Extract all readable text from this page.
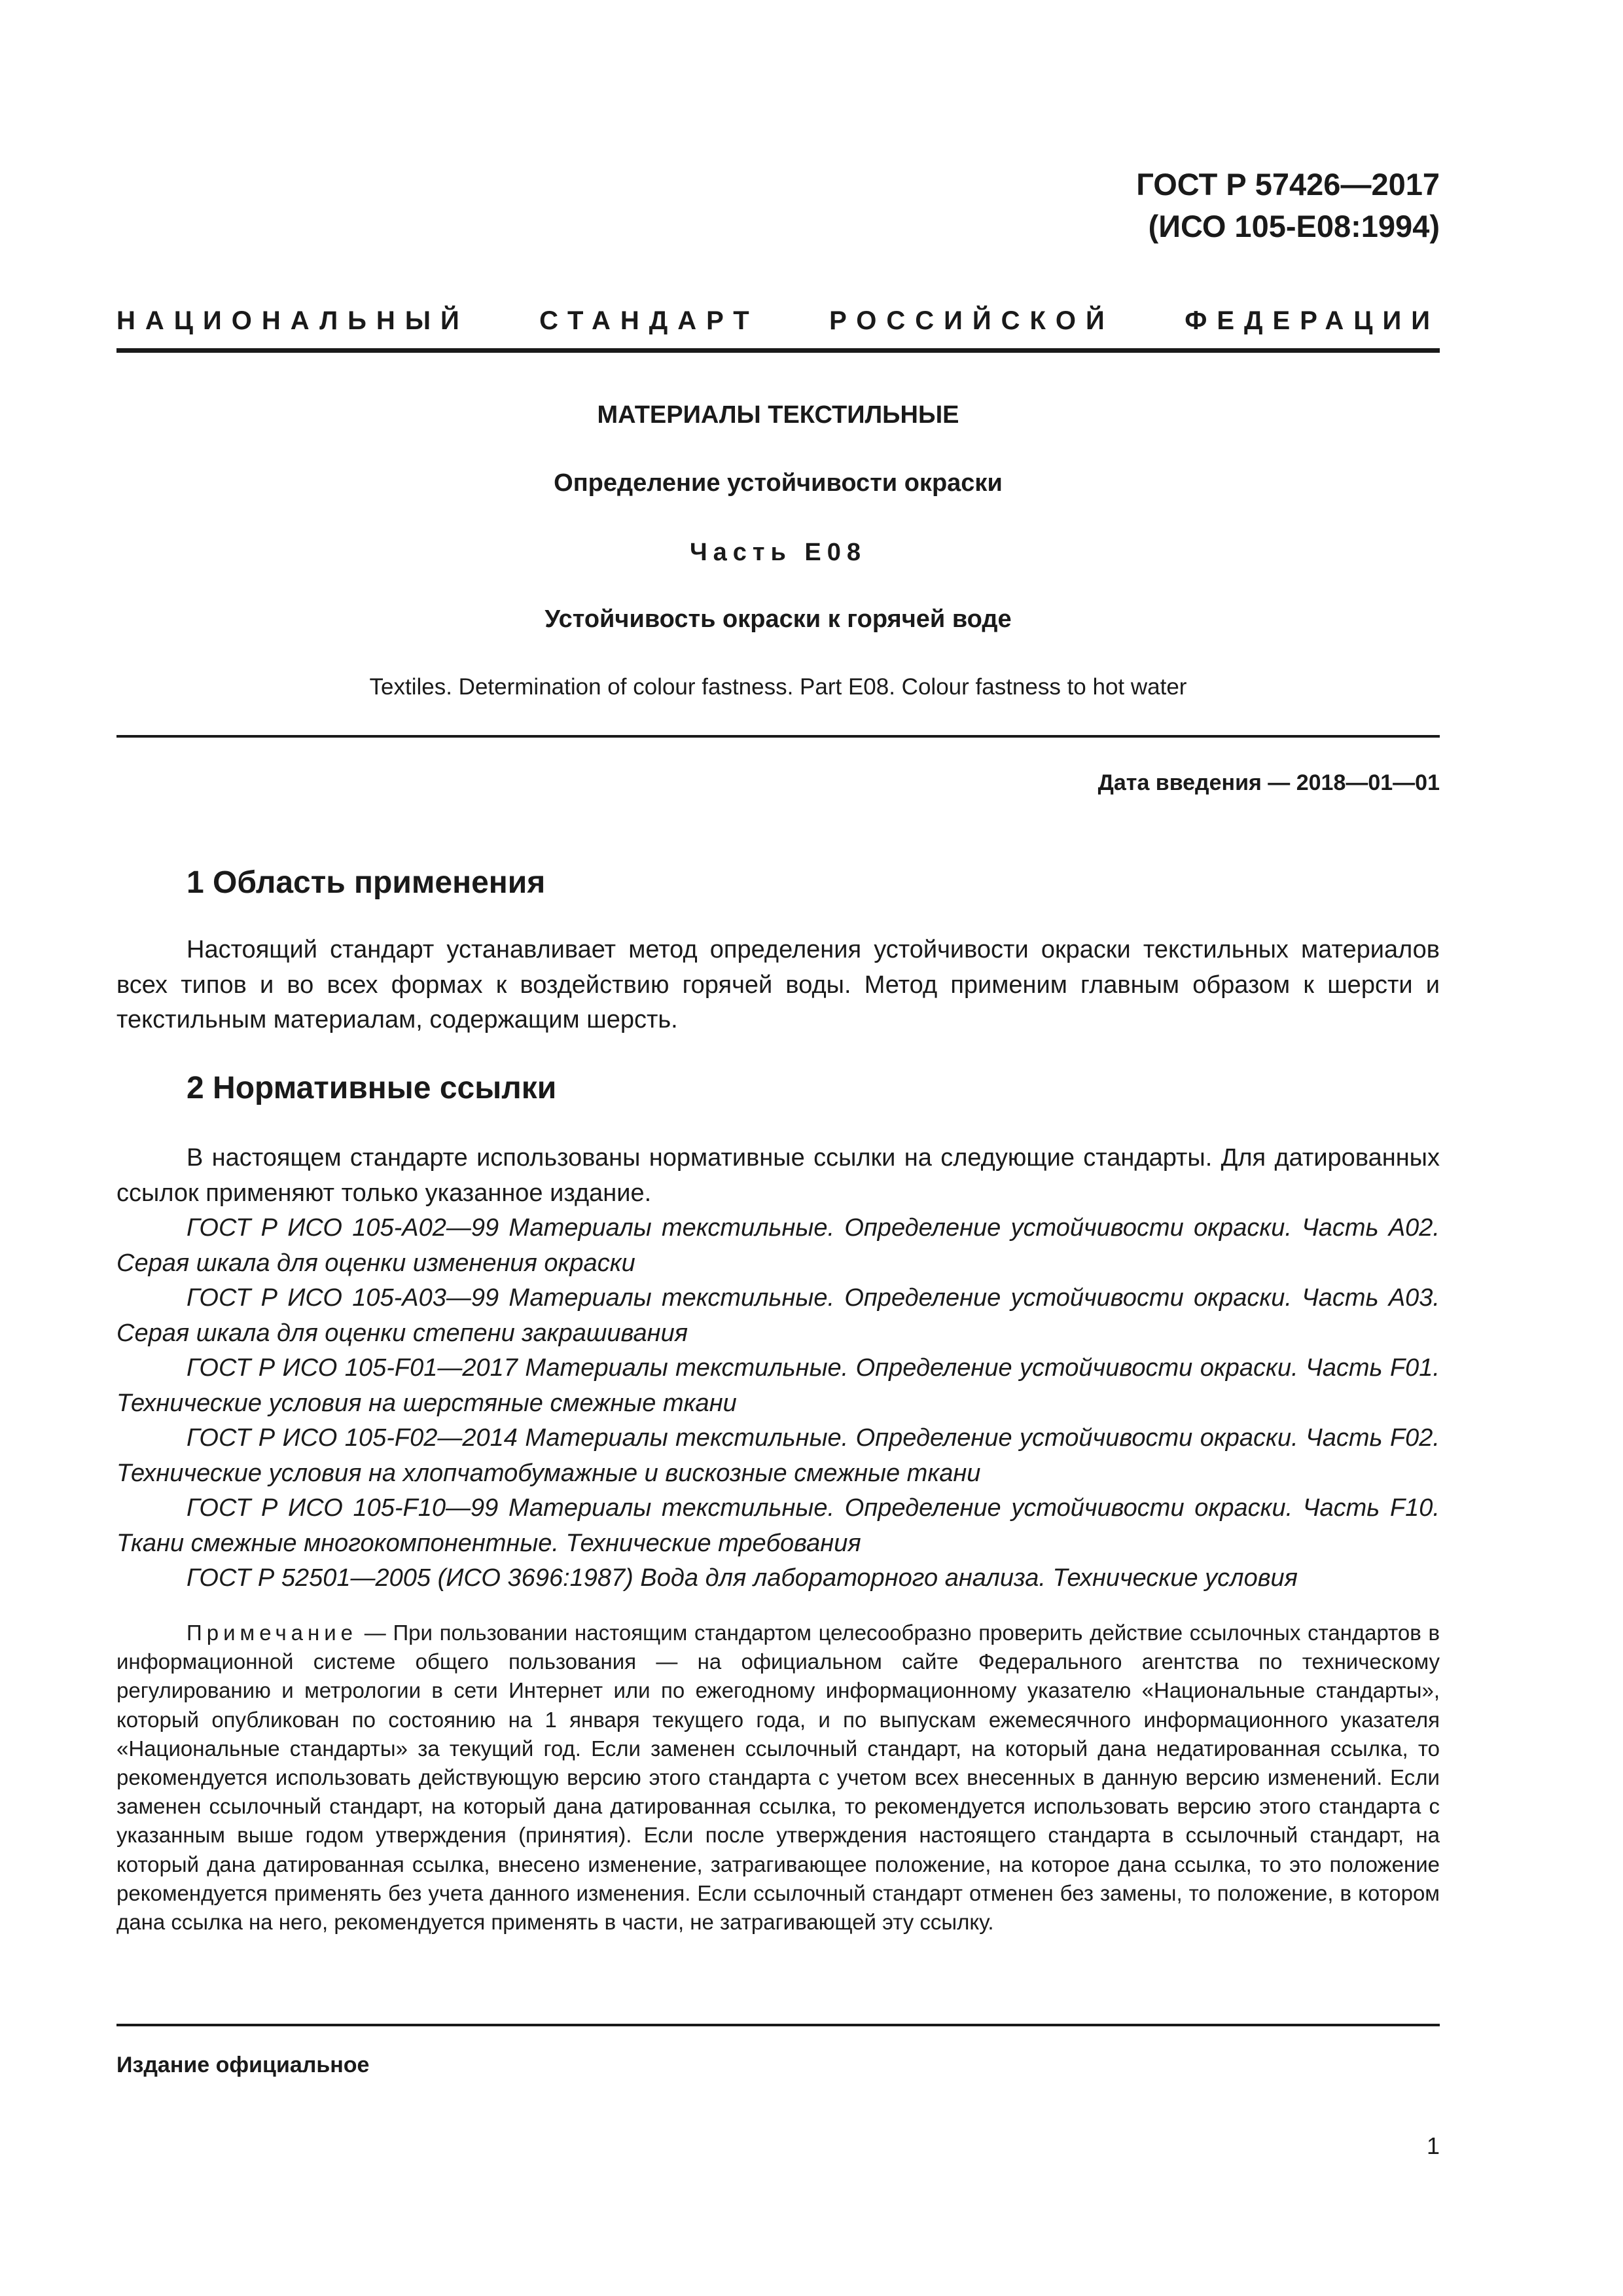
ГОСТ Р 57426—2017
(ИСО 105-Е08:1994)
НАЦИОНАЛЬНЫЙ	СТАНДАРТ	РОССИЙСКОЙ	ФЕДЕРАЦИИ
МАТЕРИАЛЫ ТЕКСТИЛЬНЫЕ
Определение устойчивости окраски
Часть Е08
Устойчивость окраски к горячей воде
Textiles. Determination of colour fastness. Part E08. Colour fastness to hot water
Дата введения — 2018—01—01
1 Область применения

Настоящий стандарт устанавливает метод определения устойчивости окраски текстильных материалов всех типов и во всех формах к воздействию горячей воды. Метод применим главным образом к шерсти и текстильным материалам, содержащим шерсть.

2 Нормативные ссылки

В настоящем стандарте использованы нормативные ссылки на следующие стандарты. Для датированных ссылок применяют только указанное издание.

ГОСТ Р ИСО 105-А02—99 Материалы текстильные. Определение устойчивости окраски. Часть А02. Серая шкала для оценки изменения окраски

ГОСТ Р ИСО 105-А03—99 Материалы текстильные. Определение устойчивости окраски. Часть А03. Серая шкала для оценки степени закрашивания

ГОСТ Р ИСО 105-F01—2017 Материалы текстильные. Определение устойчивости окраски. Часть F01. Технические условия на шерстяные смежные ткани

ГОСТ Р ИСО 105-F02—2014 Материалы текстильные. Определение устойчивости окраски. Часть F02. Технические условия на хлопчатобумажные и вискозные смежные ткани

ГОСТ Р ИСО 105-F10—99 Материалы текстильные. Определение устойчивости окраски. Часть F10. Ткани смежные многокомпонентные. Технические требования

ГОСТ Р 52501—2005 (ИСО 3696:1987) Вода для лабораторного анализа. Технические условия

Примечание — При пользовании настоящим стандартом целесообразно проверить действие ссылочных стандартов в информационной системе общего пользования — на официальном сайте Федерального агентства по техническому регулированию и метрологии в сети Интернет или по ежегодному информационному указателю «Национальные стандарты», который опубликован по состоянию на 1 января текущего года, и по выпускам ежемесячного информационного указателя «Национальные стандарты» за текущий год. Если заменен ссылочный стандарт, на который дана недатированная ссылка, то рекомендуется использовать действующую версию этого стандарта с учетом всех внесенных в данную версию изменений. Если заменен ссылочный стандарт, на который дана датированная ссылка, то рекомендуется использовать версию этого стандарта с указанным выше годом утверждения (принятия). Если после утверждения настоящего стандарта в ссылочный стандарт, на который дана датированная ссылка, внесено изменение, затрагивающее положение, на которое дана ссылка, то это положение рекомендуется применять без учета данного изменения. Если ссылочный стандарт отменен без замены, то положение, в котором дана ссылка на него, рекомендуется применять в части, не затрагивающей эту ссылку.

Издание официальное
1
